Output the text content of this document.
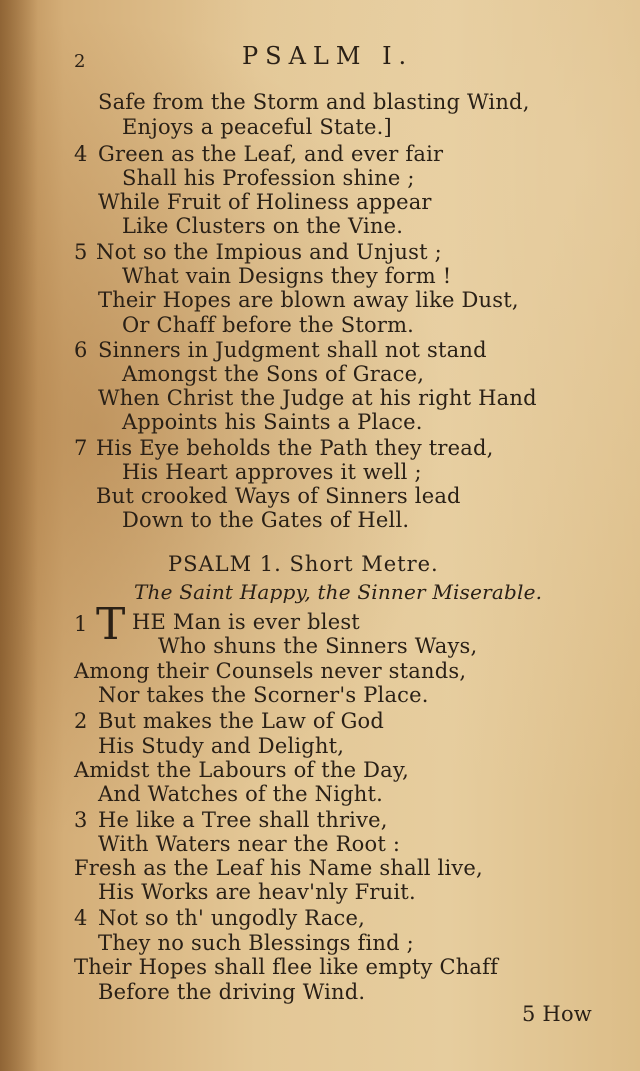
2	PSALM I.
Safe from the Storm and blasting Wind,
Enjoys a peaceful State.]
4 Green as the Leaf, and ever fair
Shall his Profession shine ;
While Fruit of Holiness appear
Like Clusters on the Vine.
5 Not so the Impious and Unjust ;
What vain Designs they form !
Their Hopes are blown away like Dust,
Or Chaff before the Storm.
6 Sinners in Judgment shall not stand
Amongst the Sons of Grace,
When Christ the Judge at his right Hand
Appoints his Saints a Place.
7 His Eye beholds the Path they tread,
His Heart approves it well ;
But crooked Ways of Sinners lead
Down to the Gates of Hell.
PSALM 1. Short Metre.
The Saint Happy, the Sinner Miserable.
1 T HE Man is ever blest
Who shuns the Sinners Ways,
Among their Counsels never stands,
Nor takes the Scorner's Place.
2 But makes the Law of God
His Study and Delight,
Amidst the Labours of the Day,
And Watches of the Night.
3 He like a Tree shall thrive,
With Waters near the Root :
Fresh as the Leaf his Name shall live,
His Works are heav'nly Fruit.
4 Not so th' ungodly Race,
They no such Blessings find ;
Their Hopes shall flee like empty Chaff
Before the driving Wind.
5 How
